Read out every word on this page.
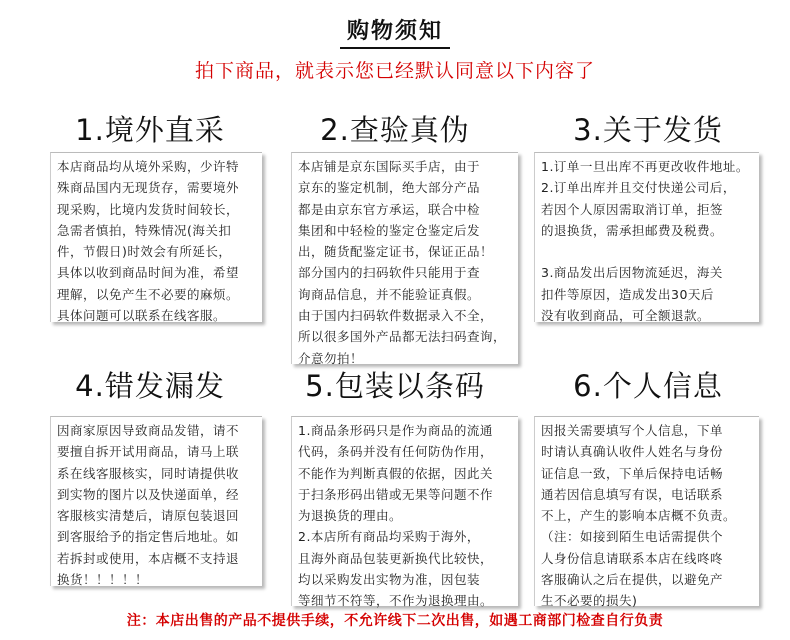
购物须知
拍下商品，就表示您已经默认同意以下内容了
1.境外直采

本店商品均从境外采购，少许特
殊商品国内无现货存，需要境外
现采购，比境内发货时间较长，
急需者慎拍，特殊情况(海关扣
件，节假日)时效会有所延长，
具体以收到商品时间为准，希望
理解，以免产生不必要的麻烦。
具体问题可以联系在线客服。

2.查验真伪

本店铺是京东国际买手店，由于
京东的鉴定机制，绝大部分产品
都是由京东官方承运，联合中检
集团和中轻检的鉴定仓鉴定后发
出，随货配鉴定证书，保证正品！
部分国内的扫码软件只能用于查
询商品信息，并不能验证真假。
由于国内扫码软件数据录入不全，
所以很多国外产品都无法扫码查询，
介意勿拍！

3.关于发货

1.订单一旦出库不再更改收件地址。
2.订单出库并且交付快递公司后，
若因个人原因需取消订单，拒签
的退换货，需承担邮费及税费。

3.商品发出后因物流延迟，海关
扣件等原因，造成发出30天后
没有收到商品，可全额退款。

4.错发漏发

因商家原因导致商品发错，请不
要擅自拆开试用商品，请马上联
系在线客服核实，同时请提供收
到实物的图片以及快递面单，经
客服核实清楚后，请原包装退回
到客服给予的指定售后地址。如
若拆封或使用，本店概不支持退
换货！！！！！

5.包装以条码

1.商品条形码只是作为商品的流通
代码，条码并没有任何防伪作用，
不能作为判断真假的依据，因此关
于扫条形码出错或无果等问题不作
为退换货的理由。
2.本店所有商品均采购于海外，
且海外商品包装更新换代比较快，
均以采购发出实物为准，因包装
等细节不符等，不作为退换理由。

6.个人信息

因报关需要填写个人信息，下单
时请认真确认收件人姓名与身份
证信息一致，下单后保持电话畅
通若因信息填写有误，电话联系
不上，产生的影响本店概不负责。
（注：如接到陌生电话需提供个
人身份信息请联系本店在线咚咚
客服确认之后在提供，以避免产
生不必要的损失)

注：本店出售的产品不提供手续，不允许线下二次出售，如遇工商部门检查自行负责
